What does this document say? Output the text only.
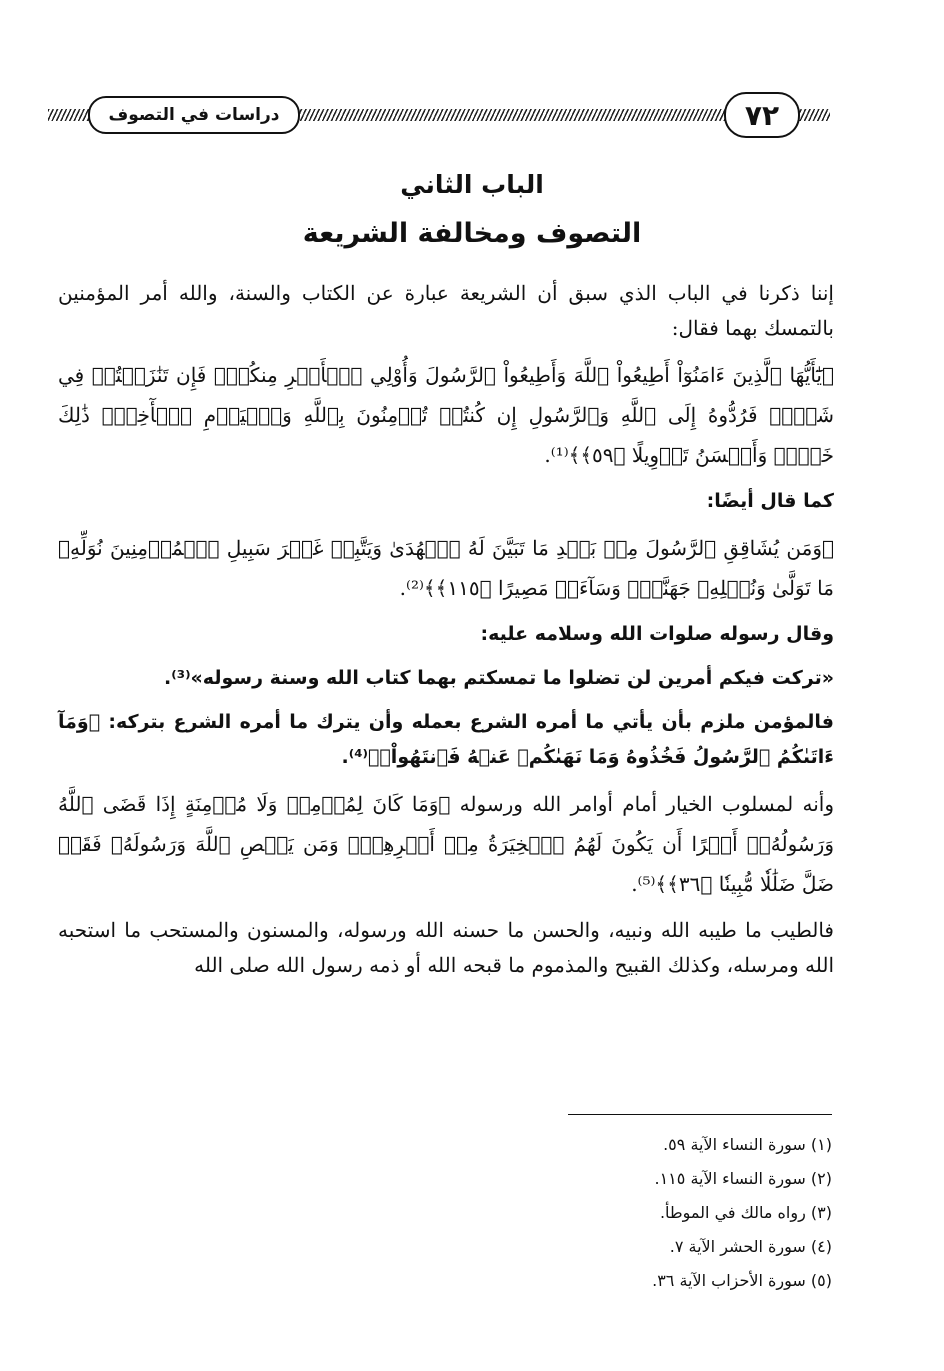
دراسات في التصوف	٧٢
الباب الثاني
التصوف ومخالفة الشريعة

إننا ذكرنا في الباب الذي سبق أن الشريعة عبارة عن الكتاب والسنة، والله أمر المؤمنين بالتمسك بهما فقال:

﴿يَٰٓأَيُّهَا ٱلَّذِينَ ءَامَنُوٓاْ أَطِيعُواْ ٱللَّهَ وَأَطِيعُواْ ٱلرَّسُولَ وَأُوْلِي ٱلۡأَمۡرِ مِنكُمۡۖ فَإِن تَنَٰزَعۡتُمۡ فِي شَيۡءٖ فَرُدُّوهُ إِلَى ٱللَّهِ وَٱلرَّسُولِ إِن كُنتُمۡ تُؤۡمِنُونَ بِٱللَّهِ وَٱلۡيَوۡمِ ٱلۡأٓخِرِۚ ذَٰلِكَ خَيۡرٞ وَأَحۡسَنُ تَأۡوِيلًا ﴿٥٩﴾﴾⁽¹⁾.

كما قال أيضًا:

﴿وَمَن يُشَاقِقِ ٱلرَّسُولَ مِنۢ بَعۡدِ مَا تَبَيَّنَ لَهُ ٱلۡهُدَىٰ وَيَتَّبِعۡ غَيۡرَ سَبِيلِ ٱلۡمُؤۡمِنِينَ نُوَلِّهِۦ مَا تَوَلَّىٰ وَنُصۡلِهِۦ جَهَنَّمَۖ وَسَآءَتۡ مَصِيرًا ﴿١١٥﴾﴾⁽²⁾.

وقال رسوله صلوات الله وسلامه عليه:

«تركت فيكم أمرين لن تضلوا ما تمسكتم بهما كتاب الله وسنة رسوله»⁽³⁾.

فالمؤمن ملزم بأن يأتي ما أمره الشرع بعمله وأن يترك ما أمره الشرع بتركه: ﴿وَمَآ ءَاتَىٰكُمُ ٱلرَّسُولُ فَخُذُوهُ وَمَا نَهَىٰكُمۡ عَنۡهُ فَٱنتَهُواْۚ﴾⁽⁴⁾.

وأنه لمسلوب الخيار أمام أوامر الله ورسوله ﴿وَمَا كَانَ لِمُؤۡمِنٖ وَلَا مُؤۡمِنَةٍ إِذَا قَضَى ٱللَّهُ وَرَسُولُهُۥٓ أَمۡرًا أَن يَكُونَ لَهُمُ ٱلۡخِيَرَةُ مِنۡ أَمۡرِهِمۡۗ وَمَن يَعۡصِ ٱللَّهَ وَرَسُولَهُۥ فَقَدۡ ضَلَّ ضَلَٰلٗا مُّبِينٗا ﴿٣٦﴾﴾⁽⁵⁾.

فالطيب ما طيبه الله ونبيه، والحسن ما حسنه الله ورسوله، والمسنون والمستحب ما استحبه الله ومرسله، وكذلك القبيح والمذموم ما قبحه الله أو ذمه رسول الله صلى الله

(١) سورة النساء الآية ٥٩.
(٢) سورة النساء الآية ١١٥.
(٣) رواه مالك في الموطأ.
(٤) سورة الحشر الآية ٧.
(٥) سورة الأحزاب الآية ٣٦.
